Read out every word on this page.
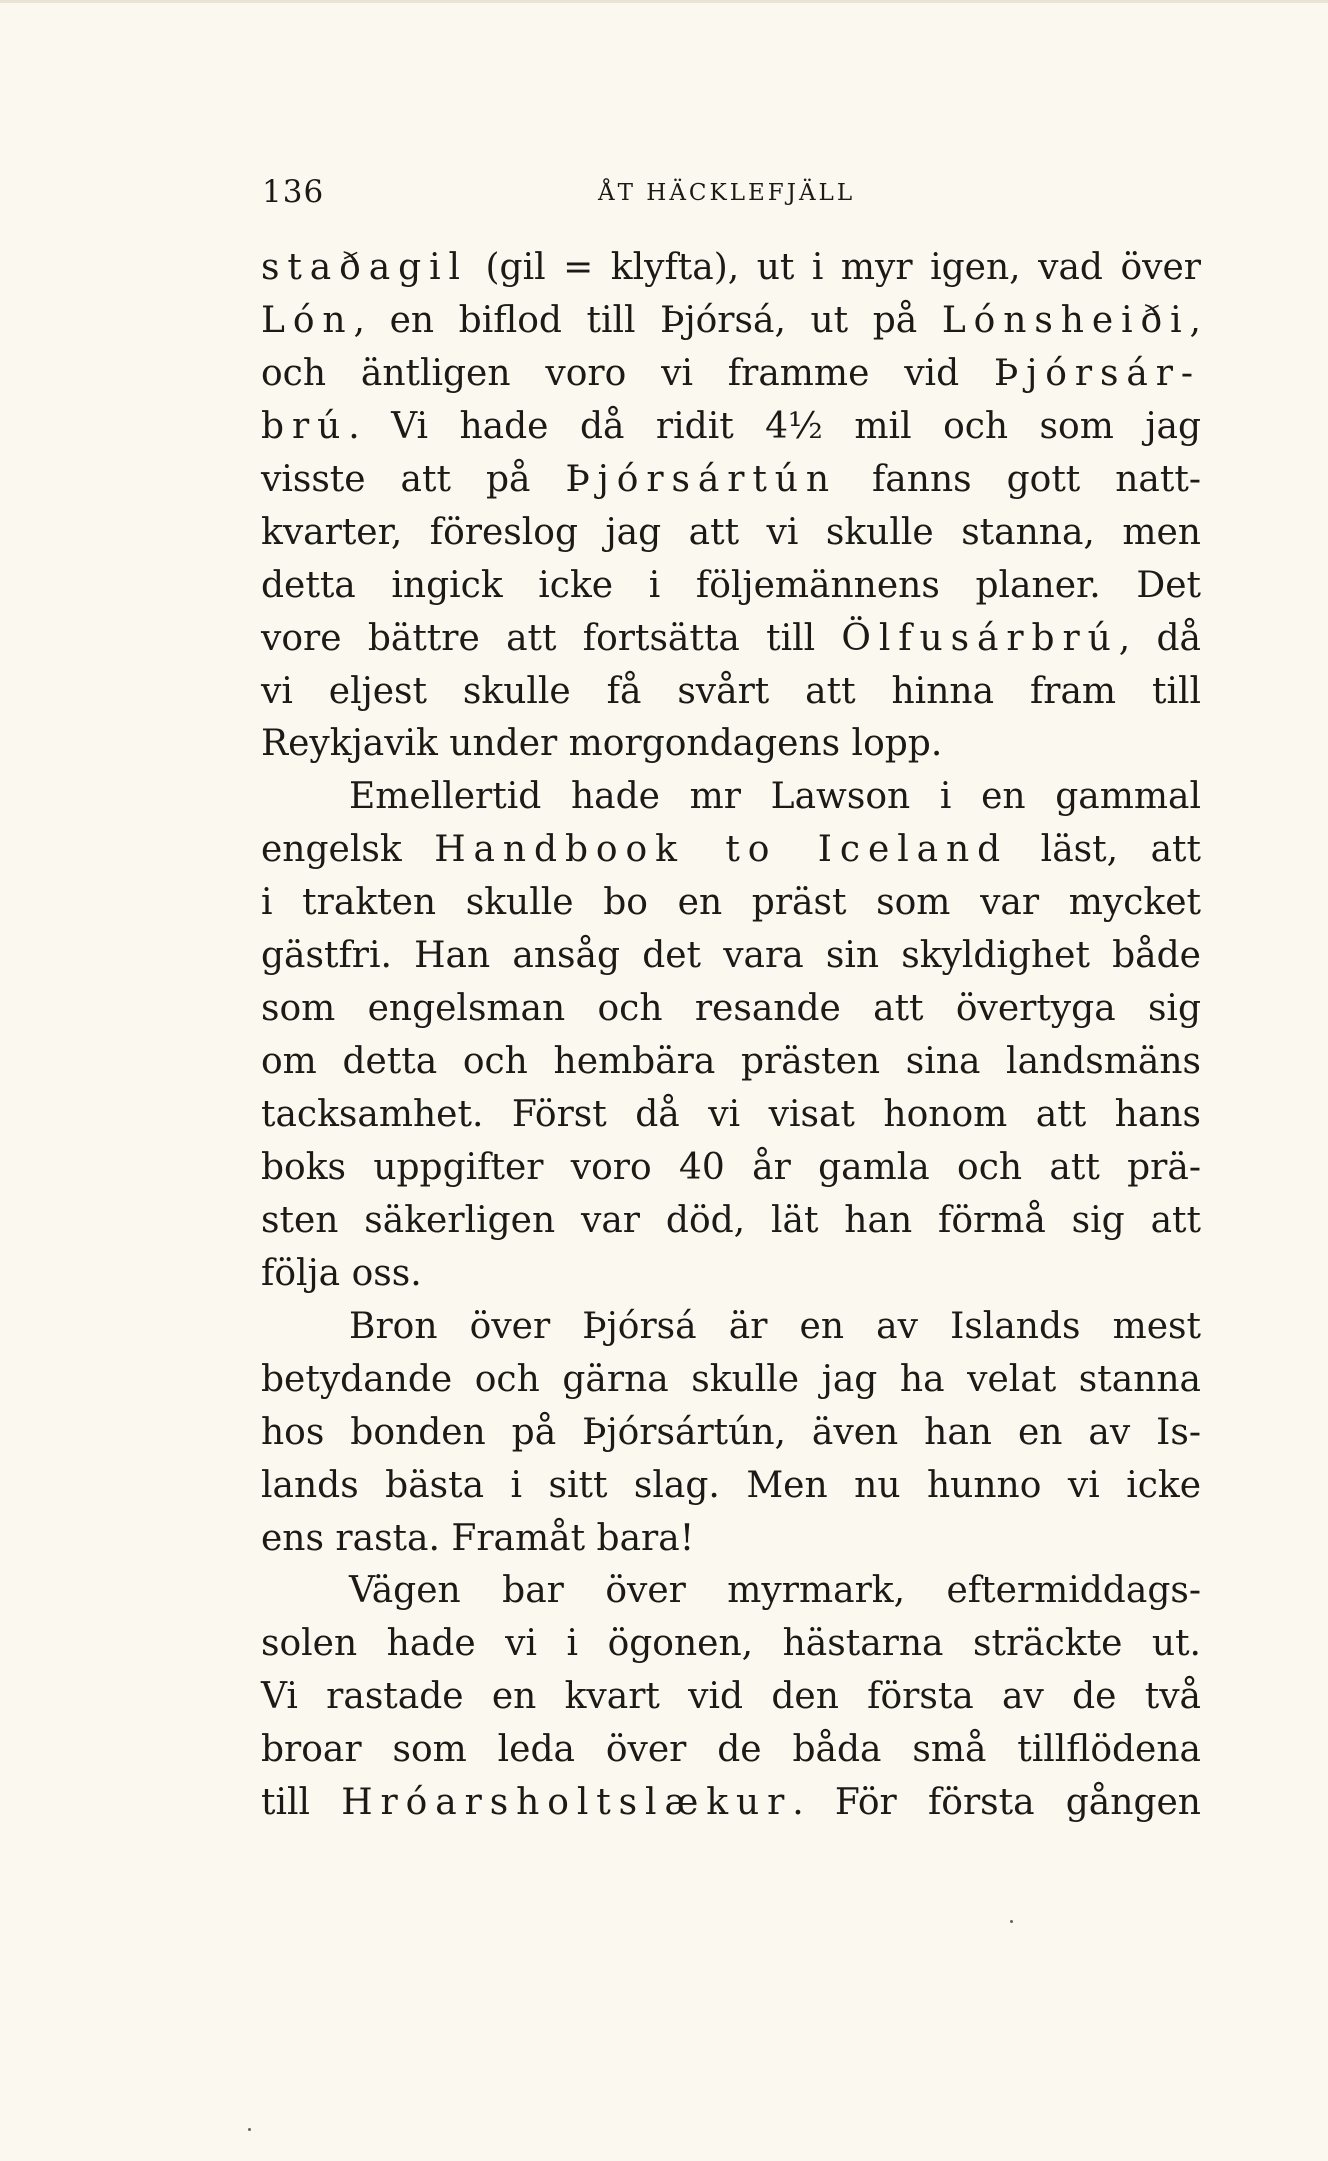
136	ÅT HÄCKLEFJÄLL
staðagil (gil = klyfta), ut i myr igen, vad över
Lón, en biflod till Þjórsá, ut på Lónsheiði,
och äntligen voro vi framme vid Þjórsár-
brú. Vi hade då ridit 4½ mil och som jag
visste att på Þjórsártún fanns gott natt-
kvarter, föreslog jag att vi skulle stanna, men
detta ingick icke i följemännens planer. Det
vore bättre att fortsätta till Ölfusárbrú, då
vi eljest skulle få svårt att hinna fram till
Reykjavik under morgondagens lopp.
Emellertid hade mr Lawson i en gammal
engelsk Handbook to Iceland läst, att
i trakten skulle bo en präst som var mycket
gästfri. Han ansåg det vara sin skyldighet både
som engelsman och resande att övertyga sig
om detta och hembära prästen sina landsmäns
tacksamhet. Först då vi visat honom att hans
boks uppgifter voro 40 år gamla och att prä-
sten säkerligen var död, lät han förmå sig att
följa oss.
Bron över Þjórsá är en av Islands mest
betydande och gärna skulle jag ha velat stanna
hos bonden på Þjórsártún, även han en av Is-
lands bästa i sitt slag. Men nu hunno vi icke
ens rasta. Framåt bara!
Vägen bar över myrmark, eftermiddags-
solen hade vi i ögonen, hästarna sträckte ut.
Vi rastade en kvart vid den första av de två
broar som leda över de båda små tillflödena
till Hróarsholtslækur. För första gången
